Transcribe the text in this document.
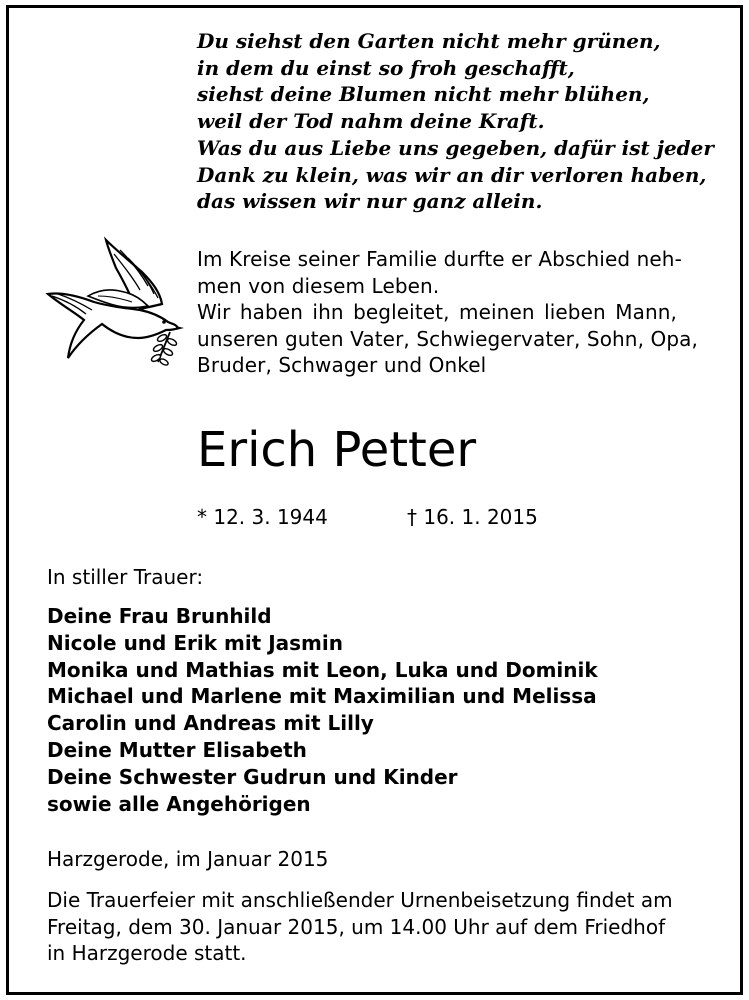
Du siehst den Garten nicht mehr grünen,
in dem du einst so froh geschafft,
siehst deine Blumen nicht mehr blühen,
weil der Tod nahm deine Kraft.
Was du aus Liebe uns gegeben, dafür ist jeder
Dank zu klein, was wir an dir verloren haben,
das wissen wir nur ganz allein.
Im Kreise seiner Familie durfte er Abschied neh-
men von diesem Leben.
Wir haben ihn begleitet, meinen lieben Mann,
unseren guten Vater, Schwiegervater, Sohn, Opa,
Bruder, Schwager und Onkel
Erich Petter
* 12. 3. 1944	† 16. 1. 2015
In stiller Trauer:
Deine Frau Brunhild
Nicole und Erik mit Jasmin
Monika und Mathias mit Leon, Luka und Dominik
Michael und Marlene mit Maximilian und Melissa
Carolin und Andreas mit Lilly
Deine Mutter Elisabeth
Deine Schwester Gudrun und Kinder
sowie alle Angehörigen
Harzgerode, im Januar 2015
Die Trauerfeier mit anschließender Urnenbeisetzung findet am
Freitag, dem 30. Januar 2015, um 14.00 Uhr auf dem Friedhof
in Harzgerode statt.
